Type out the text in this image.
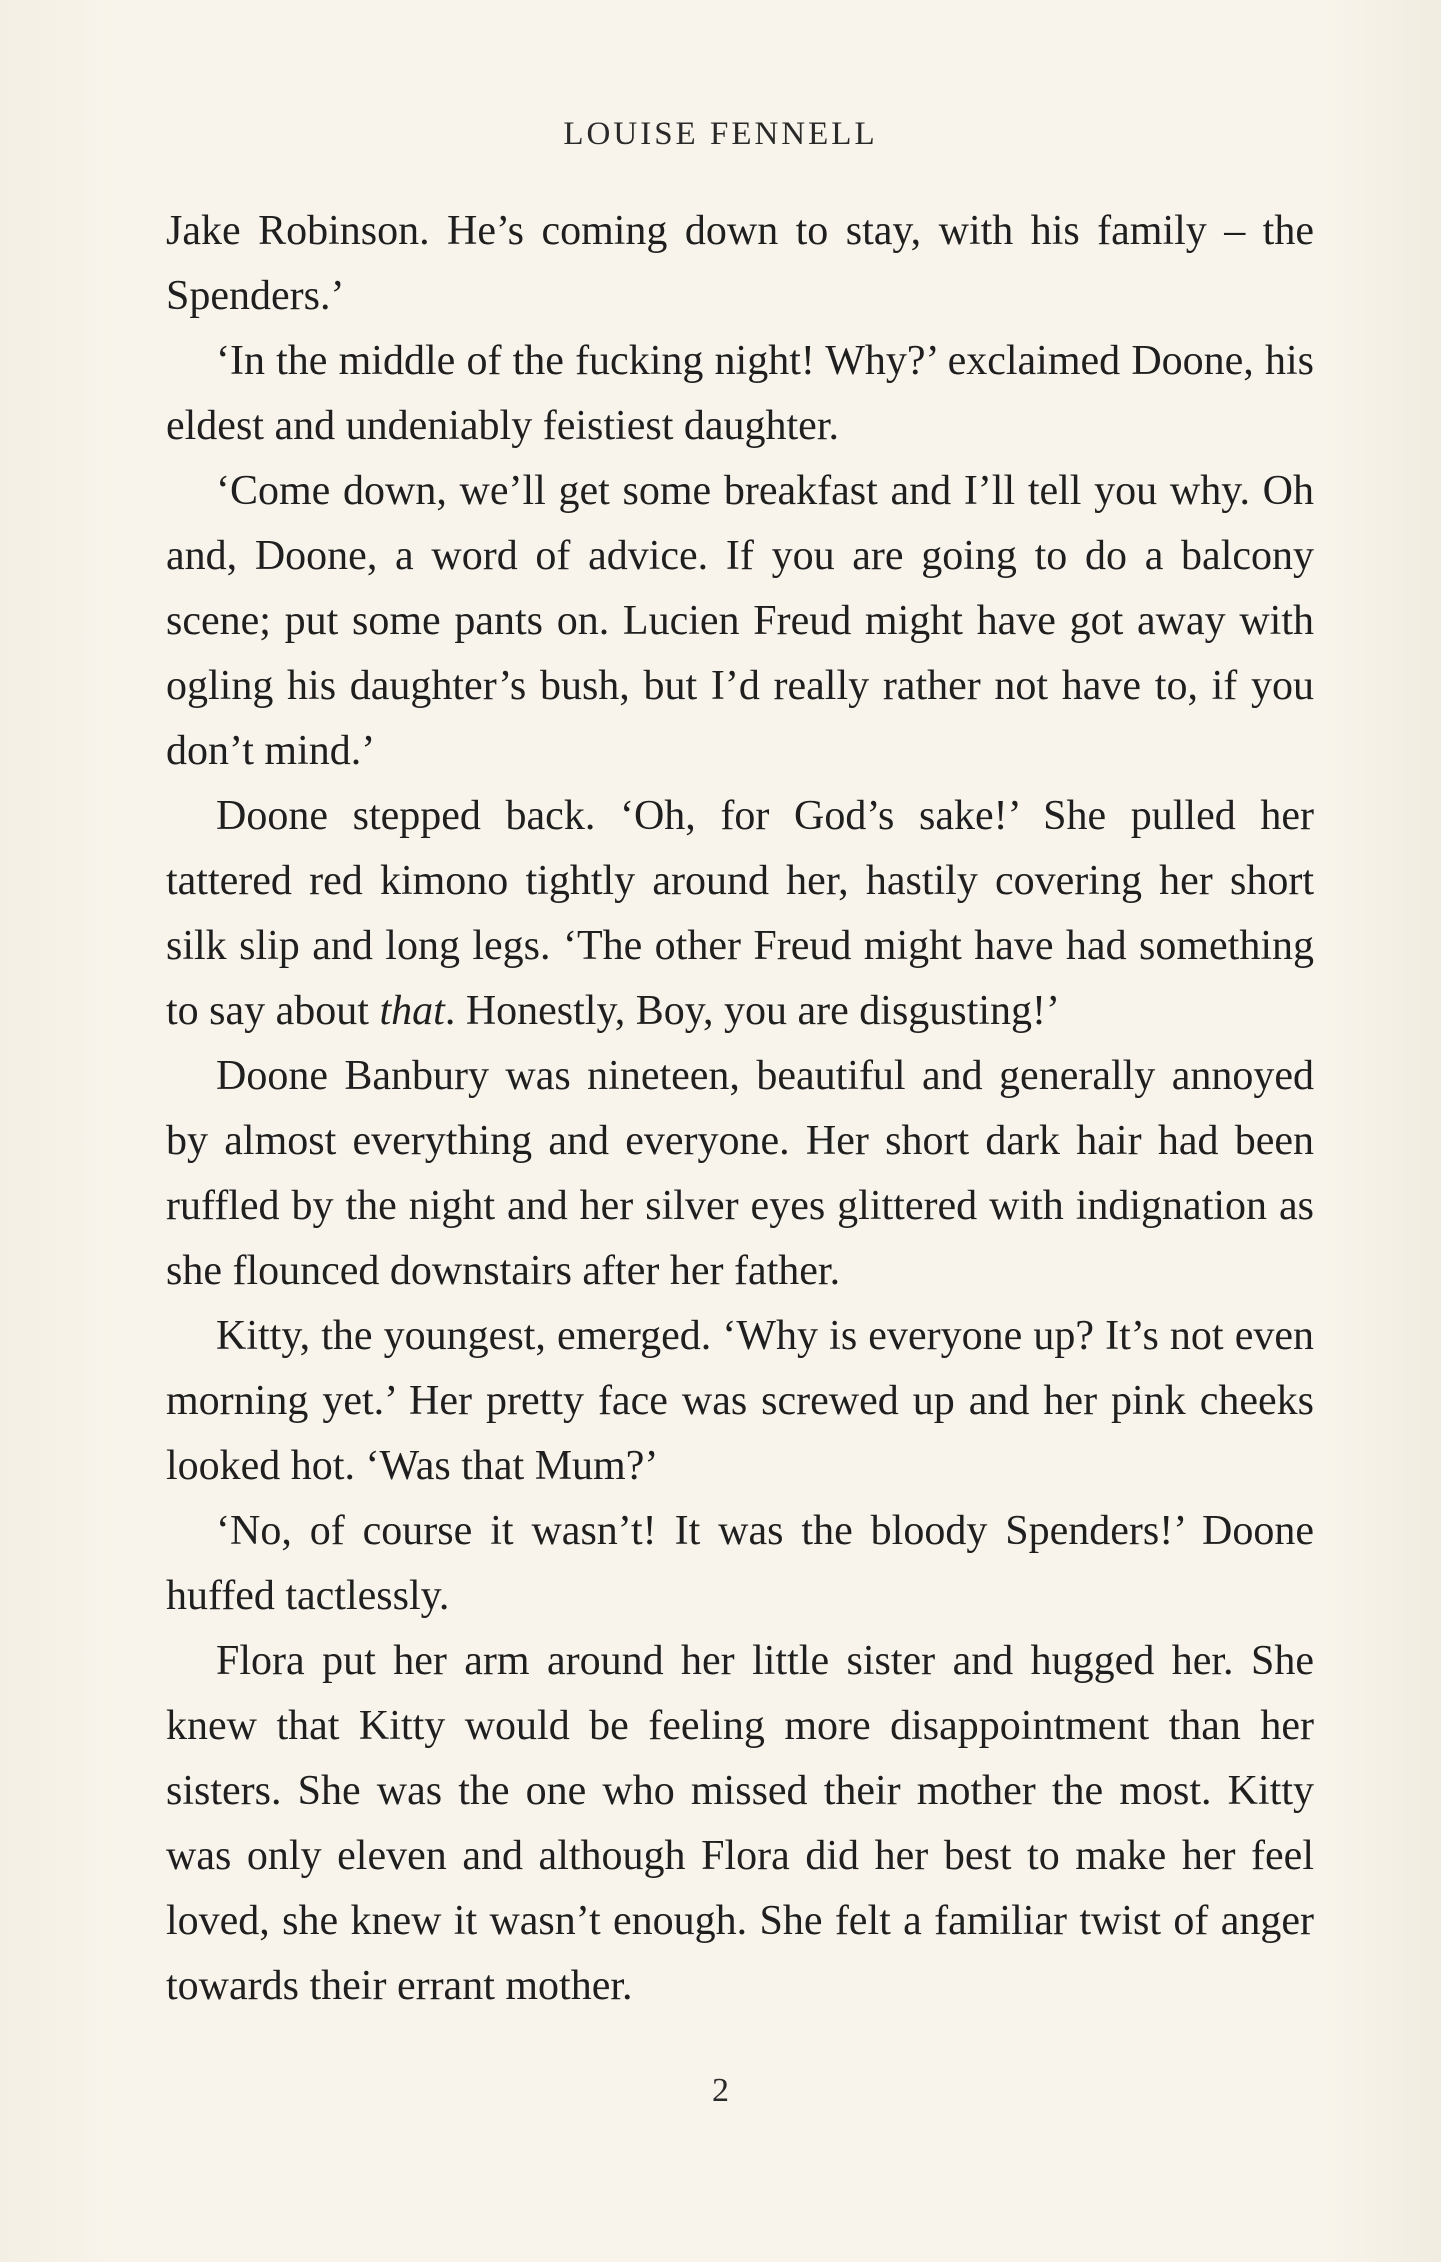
LOUISE FENNELL

Jake Robinson. He’s coming down to stay, with his family – the Spenders.’

‘In the middle of the fucking night! Why?’ exclaimed Doone, his eldest and undeniably feistiest daughter.

‘Come down, we’ll get some breakfast and I’ll tell you why. Oh and, Doone, a word of advice. If you are going to do a balcony scene; put some pants on. Lucien Freud might have got away with ogling his daughter’s bush, but I’d really rather not have to, if you don’t mind.’

Doone stepped back. ‘Oh, for God’s sake!’ She pulled her tattered red kimono tightly around her, hastily covering her short silk slip and long legs. ‘The other Freud might have had something to say about that. Honestly, Boy, you are disgusting!’

Doone Banbury was nineteen, beautiful and generally annoyed by almost everything and everyone. Her short dark hair had been ruffled by the night and her silver eyes glittered with indignation as she flounced downstairs after her father.

Kitty, the youngest, emerged. ‘Why is everyone up? It’s not even morning yet.’ Her pretty face was screwed up and her pink cheeks looked hot. ‘Was that Mum?’

‘No, of course it wasn’t! It was the bloody Spenders!’ Doone huffed tactlessly.

Flora put her arm around her little sister and hugged her. She knew that Kitty would be feeling more disappointment than her sisters. She was the one who missed their mother the most. Kitty was only eleven and although Flora did her best to make her feel loved, she knew it wasn’t enough. She felt a familiar twist of anger towards their errant mother.

2
